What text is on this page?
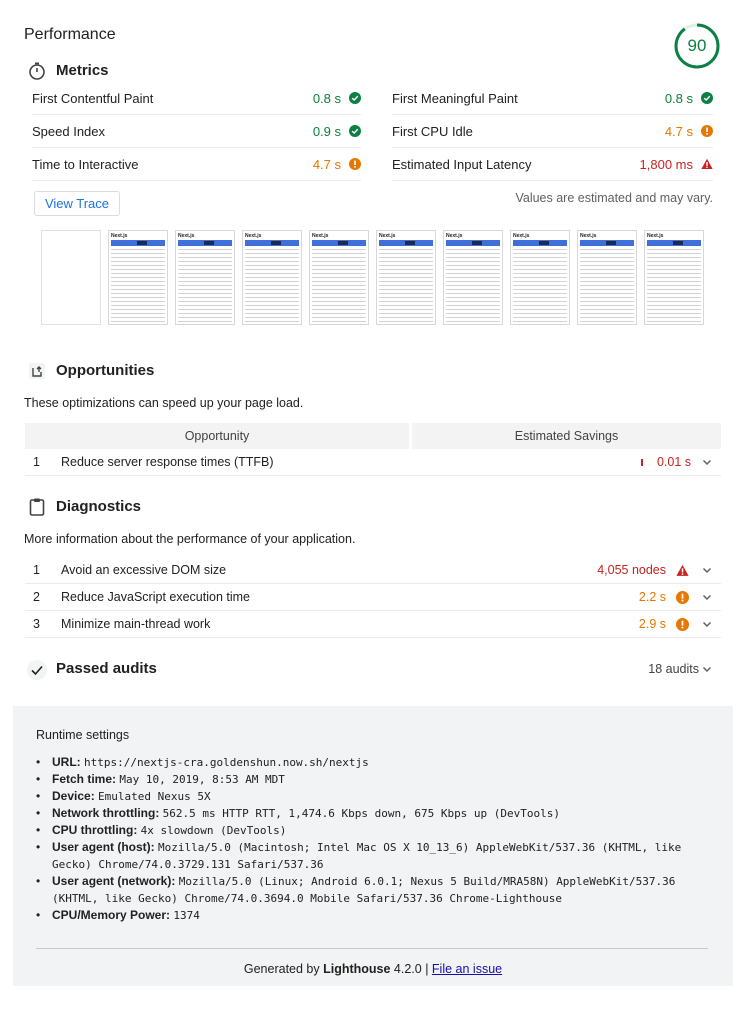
Performance
90
Metrics
First Contentful Paint	0.8 s	First Meaningful Paint	0.8 s
Speed Index	0.9 s	First CPU Idle	4.7 s
Time to Interactive	4.7 s	Estimated Input Latency	1,800 ms
View Trace	Values are estimated and may vary.
Next.js	Next.js	Next.js	Next.js	Next.js	Next.js	Next.js	Next.js	Next.js
Opportunities
These optimizations can speed up your page load.
Opportunity	Estimated Savings
1	Reduce server response times (TTFB)	0.01 s
Diagnostics
More information about the performance of your application.
1	Avoid an excessive DOM size	4,055 nodes
2	Reduce JavaScript execution time	2.2 s
3	Minimize main-thread work	2.9 s
Passed audits	18 audits
Runtime settings
• URL: https://nextjs-cra.goldenshun.now.sh/nextjs
• Fetch time: May 10, 2019, 8:53 AM MDT
• Device: Emulated Nexus 5X
• Network throttling: 562.5 ms HTTP RTT, 1,474.6 Kbps down, 675 Kbps up (DevTools)
• CPU throttling: 4x slowdown (DevTools)
• User agent (host): Mozilla/5.0 (Macintosh; Intel Mac OS X 10_13_6) AppleWebKit/537.36 (KHTML, like Gecko) Chrome/74.0.3729.131 Safari/537.36
• User agent (network): Mozilla/5.0 (Linux; Android 6.0.1; Nexus 5 Build/MRA58N) AppleWebKit/537.36 (KHTML, like Gecko) Chrome/74.0.3694.0 Mobile Safari/537.36 Chrome-Lighthouse
• CPU/Memory Power: 1374
Generated by Lighthouse 4.2.0 | File an issue
